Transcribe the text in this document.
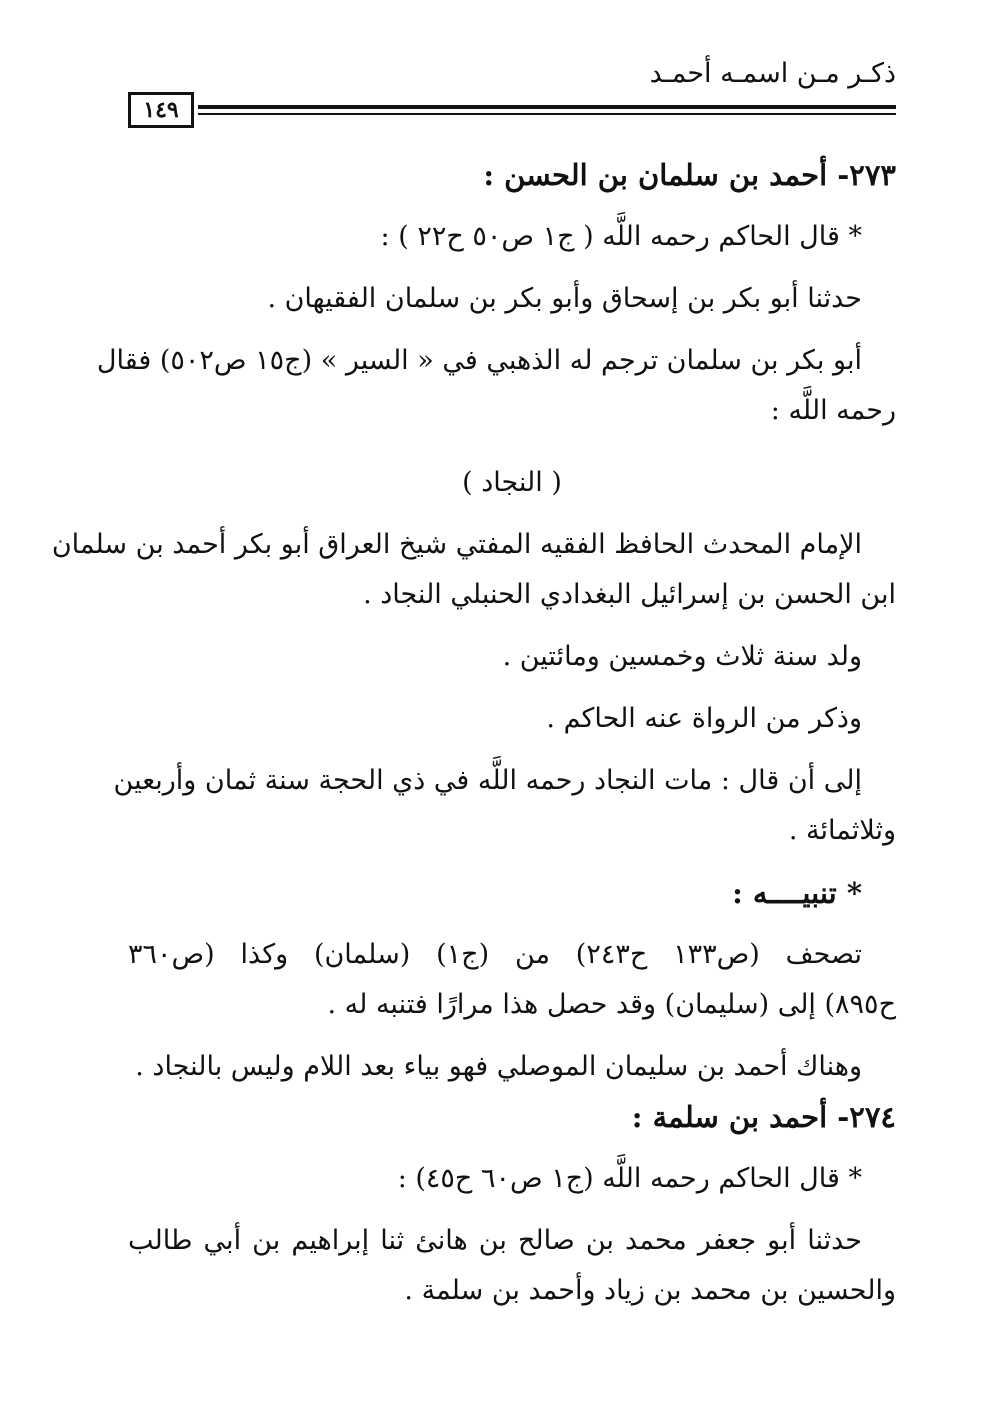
ذكـر مـن اسمـه أحمـد
١٤٩
٢٧٣- أحمد بن سلمان بن الحسن :
* قال الحاكم رحمه اللَّه ( ج١ ص٥٠ ح٢٢ ) :
حدثنا أبو بكر بن إسحاق وأبو بكر بن سلمان الفقيهان .
أبو بكر بن سلمان ترجم له الذهبي في « السير » (ج١٥ ص٥٠٢) فقال
رحمه اللَّه :
( النجاد )
الإمام المحدث الحافظ الفقيه المفتي شيخ العراق أبو بكر أحمد بن سلمان
ابن الحسن بن إسرائيل البغدادي الحنبلي النجاد .
ولد سنة ثلاث وخمسين ومائتين .
وذكر من الرواة عنه الحاكم .
إلى أن قال : مات النجاد رحمه اللَّه في ذي الحجة سنة ثمان وأربعين
وثلاثمائة .
* تنبيــــه :
تصحف (ص١٣٣ ح٢٤٣) من (ج١) (سلمان) وكذا (ص٣٦٠
ح٨٩٥) إلى (سليمان) وقد حصل هذا مرارًا فتنبه له .
وهناك أحمد بن سليمان الموصلي فهو بياء بعد اللام وليس بالنجاد .
٢٧٤- أحمد بن سلمة :
* قال الحاكم رحمه اللَّه (ج١ ص٦٠ ح٤٥) :
حدثنا أبو جعفر محمد بن صالح بن هانئ ثنا إبراهيم بن أبي طالب
والحسين بن محمد بن زياد وأحمد بن سلمة .
